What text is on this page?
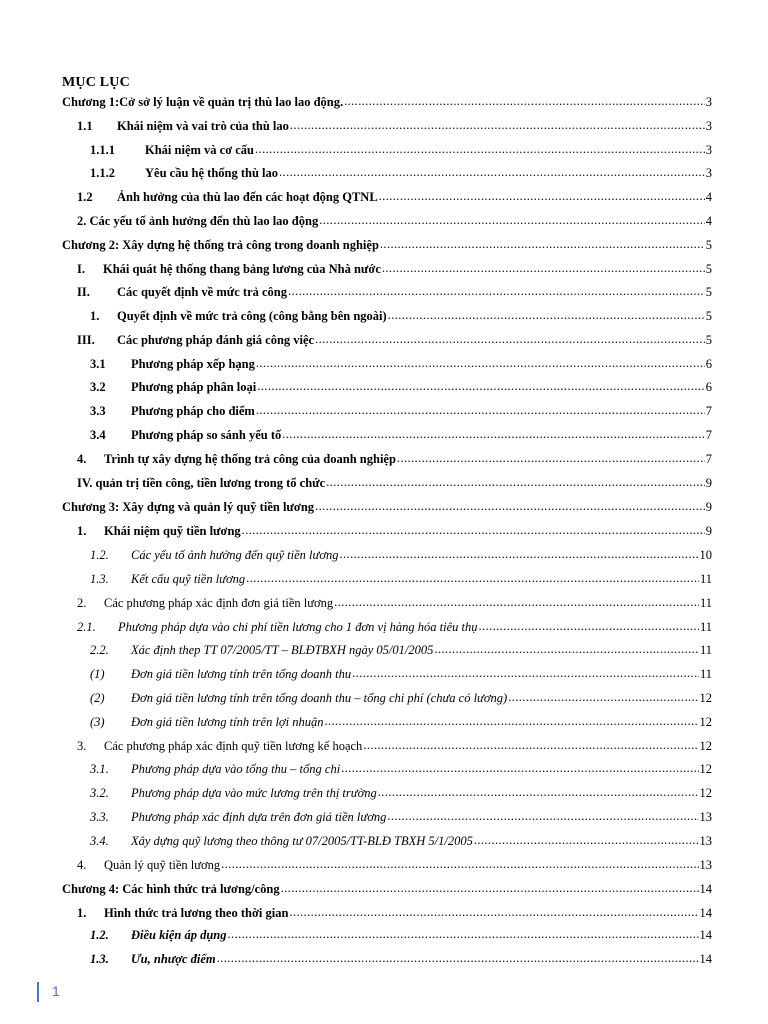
MỤC LỤC
Chương 1:Cở sở lý luận về quản trị thù lao lao động. .....	3
1.1	Khái niệm và vai trò của thù lao .....	3
1.1.1	Khái niệm và cơ cấu .....	3
1.1.2	Yêu cầu hệ thống thù lao .....	3
1.2	Ảnh hưởng của thù lao đến các hoạt động QTNL .....	4
2. Các yếu tố ảnh hưởng đến thù lao lao động .....	4
Chương 2: Xây dựng hệ thống trả công trong doanh nghiệp .....	5
I.	Khái quát hệ thống thang bảng lương của Nhà nước .....	5
II.	Các quyết định về mức trả công .....	5
1.	Quyết định về mức trả công (công bằng bên ngoài) .....	5
III.	Các phương pháp đánh giá công việc .....	5
3.1	Phương pháp xếp hạng .....	6
3.2	Phương pháp phân loại .....	6
3.3	Phương pháp cho điểm .....	7
3.4	Phương pháp so sánh yếu tố .....	7
4.	Trình tự xây dựng hệ thống trả công của doanh nghiệp .....	7
IV. quản trị tiền công, tiền lương trong tổ chức .....	9
Chương 3: Xây dựng và quản lý quỹ tiền lương .....	9
1.	Khái niệm quỹ tiền lương .....	9
1.2.	Các yếu tố ảnh hưởng đến quỹ tiền lương .....	10
1.3.	Kết cấu quỹ tiền lương .....	11
2.	Các phương pháp xác định đơn giá tiền lương .....	11
2.1.	Phương pháp dựa vào chi phí tiền lương cho 1 đơn vị hàng hóa tiêu thụ .....	11
2.2.	Xác định thep TT 07/2005/TT – BLĐTBXH ngày 05/01/2005 .....	11
(1)	Đơn giá tiền lương tính trên tổng doanh thu .....	11
(2)	Đơn giá tiền lương tính trên tổng doanh thu – tổng chi phí (chưa có lương) .....	12
(3)	Đơn giá tiền lương tính trên lợi nhuận .....	12
3.	Các phương pháp xác định quỹ tiền lương kế hoạch .....	12
3.1.	Phương pháp dựa vào tổng thu – tổng chi .....	12
3.2.	Phương pháp dựa vào mức lương trên thị trường .....	12
3.3.	Phương pháp xác định dựa trên đơn giá tiền lương .....	13
3.4.	Xây dựng quỹ lương theo thông tư 07/2005/TT-BLĐ TBXH 5/1/2005 .....	13
4.	Quản lý quỹ tiền lương .....	13
Chương 4: Các hình thức trả lương/công .....	14
1.	Hình thức trả lương theo thời gian .....	14
1.2.	Điều kiện áp dụng .....	14
1.3.	Ưu, nhược điểm .....	14
1
